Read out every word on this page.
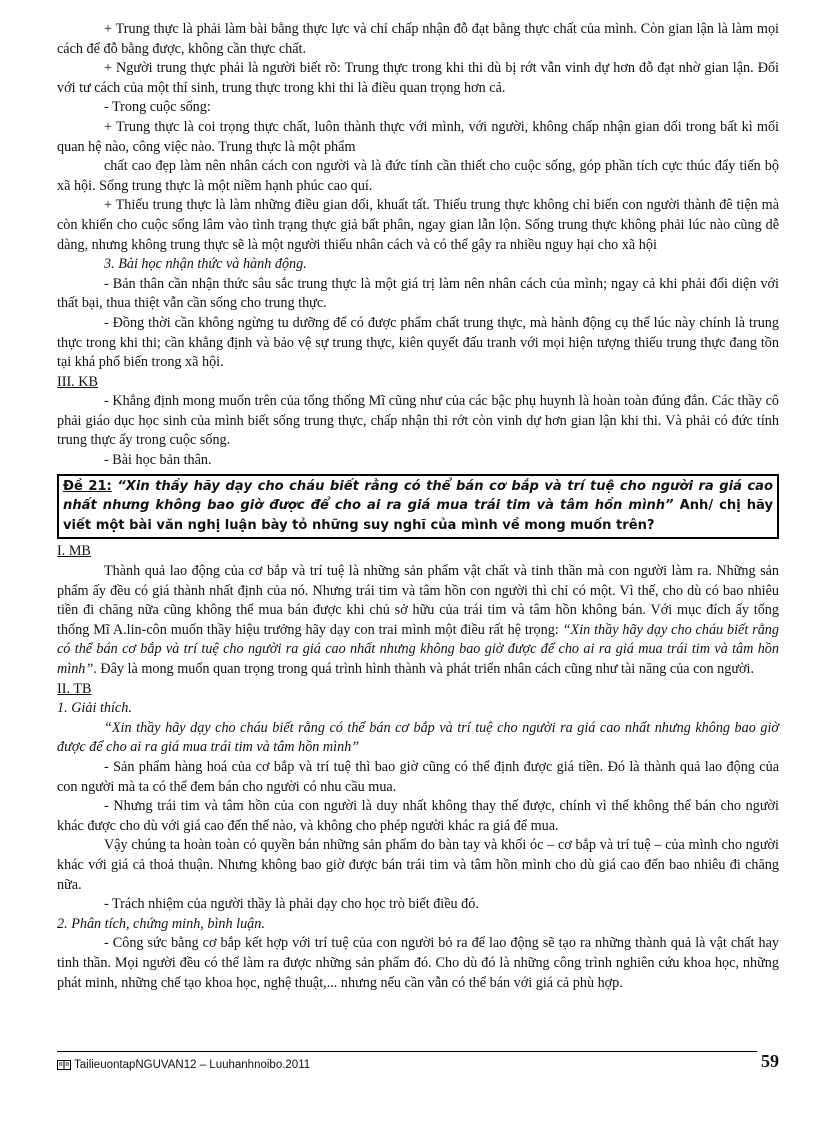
+ Trung thực là phải làm bài bằng thực lực và chỉ chấp nhận đỗ đạt bằng thực chất của mình. Còn gian lận là làm mọi cách để đỗ bằng được, không cần thực chất.

+ Người trung thực phải là người biết rõ: Trung thực trong khi thi dù bị rớt vẫn vinh dự hơn đỗ đạt nhờ gian lận. Đối với tư cách của một thí sinh, trung thực trong khi thi là điều quan trọng hơn cả.

- Trong cuộc sống:

+ Trung thực là coi trọng thực chất, luôn thành thực với mình, với người, không chấp nhận gian dối trong bất kì mối quan hệ nào, công việc nào. Trung thực là một phẩm

chất cao đẹp làm nên nhân cách con người và là đức tính cần thiết cho cuộc sống, góp phần tích cực thúc đẩy tiến bộ xã hội. Sống trung thực là một niềm hạnh phúc cao quí.

+ Thiếu trung thực là làm những điều gian dối, khuất tất. Thiếu trung thực không chỉ biến con người thành đê tiện mà còn khiến cho cuộc sống lâm vào tình trạng thực giả bất phân, ngay gian lẫn lộn. Sống trung thực không phải lúc nào cũng dễ dàng, nhưng không trung thực sẽ là một người thiếu nhân cách và có thể gây ra nhiều nguy hại cho xã hội

3. Bài học nhận thức và hành động.

- Bản thân cần nhận thức sâu sắc trung thực là một giá trị làm nên nhân cách của mình; ngay cả khi phải đối diện với thất bại, thua thiệt vẫn cần sống cho trung thực.

- Đồng thời cần không ngừng tu dưỡng để có được phẩm chất trung thực, mà hành động cụ thể lúc này chính là trung thực trong khi thi; cần khẳng định và bảo vệ sự trung thực, kiên quyết đấu tranh với mọi hiện tượng thiếu trung thực đang tồn tại khá phổ biến trong xã hội.

III. KB

- Khẳng định mong muốn trên của tổng thống Mĩ cũng như của các bậc phụ huynh là hoàn toàn đúng đắn. Các thầy cô phải giáo dục học sinh của mình biết sống trung thực, chấp nhận thi rớt còn vinh dự hơn gian lận khi thi. Và phải có đức tính trung thực ấy trong cuộc sống.

- Bài học bản thân.

Đề 21: “Xin thầy hãy dạy cho cháu biết rằng có thể bán cơ bắp và trí tuệ cho người ra giá cao nhất nhưng không bao giờ được để cho ai ra giá mua trái tim và tâm hồn mình” Anh/ chị hãy viết một bài văn nghị luận bày tỏ những suy nghĩ của mình về mong muốn trên?

I. MB

Thành quả lao động của cơ bắp và trí tuệ là những sản phẩm vật chất và tinh thần mà con người làm ra. Những sản phẩm ấy đều có giá thành nhất định của nó. Nhưng trái tim và tâm hồn con người thì chỉ có một. Vì thế, cho dù có bao nhiêu tiền đi chăng nữa cũng không thể mua bán được khi chủ sở hữu của trái tim và tâm hồn không bán. Với mục đích ấy tổng thống Mĩ A.lin-côn muốn thầy hiệu trưởng hãy dạy con trai mình một điều rất hệ trọng: “Xin thầy hãy dạy cho cháu biết rằng có thể bán cơ bắp và trí tuệ cho người ra giá cao nhất nhưng không bao giờ được để cho ai ra giá mua trái tim và tâm hồn mình”. Đây là mong muốn quan trọng trong quá trình hình thành và phát triển nhân cách cũng như tài năng của con người.

II. TB

1. Giải thích.

“Xin thầy hãy dạy cho cháu biết rằng có thể bán cơ bắp và trí tuệ cho người ra giá cao nhất nhưng không bao giờ được để cho ai ra giá mua trái tim và tâm hồn mình”

- Sản phẩm hàng hoá của cơ bắp và trí tuệ thì bao giờ cũng có thể định được giá tiền. Đó là thành quả lao động của con người mà ta có thể đem bán cho người có nhu cầu mua.

- Nhưng trái tim và tâm hồn của con người là duy nhất không thay thế được, chính vì thế không thể bán cho người khác được cho dù với giá cao đến thế nào, và không cho phép người khác ra giá để mua.

Vậy chúng ta hoàn toàn có quyền bán những sản phẩm do bàn tay và khối óc – cơ bắp và trí tuệ – của mình cho người khác với giá cả thoả thuận. Nhưng không bao giờ được bán trái tim và tâm hồn mình cho dù giá cao đến bao nhiêu đi chăng nữa.

- Trách nhiệm của người thầy là phải dạy cho học trò biết điều đó.

2. Phân tích, chứng minh, bình luận.

- Công sức bằng cơ bắp kết hợp với trí tuệ của con người bỏ ra để lao động sẽ tạo ra những thành quả là vật chất hay tinh thần. Mọi người đều có thể làm ra được những sản phẩm đó. Cho dù đó là những công trình nghiên cứu khoa học, những phát minh, những chế tạo khoa học, nghệ thuật,... nhưng nếu cần vẫn có thể bán với giá cả phù hợp.

TailieuontapNGUVAN12 – Luuhanhnoibo.2011	59
